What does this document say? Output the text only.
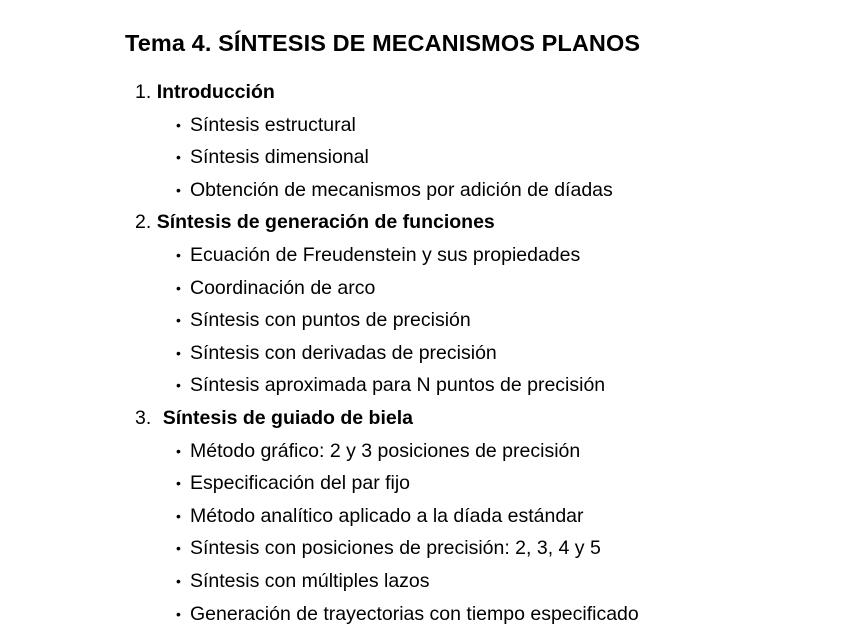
Tema 4. SÍNTESIS DE MECANISMOS PLANOS
1. Introducción
• Síntesis estructural
• Síntesis dimensional
• Obtención de mecanismos por adición de díadas
2. Síntesis de generación de funciones
• Ecuación de Freudenstein y sus propiedades
• Coordinación de arco
• Síntesis con puntos de precisión
• Síntesis con derivadas de precisión
• Síntesis aproximada para N puntos de precisión
3. Síntesis de guiado de biela
• Método gráfico: 2 y 3 posiciones de precisión
• Especificación del par fijo
• Método analítico aplicado a la díada estándar
• Síntesis con posiciones de precisión: 2, 3, 4 y 5
• Síntesis con múltiples lazos
• Generación de trayectorias con tiempo especificado
